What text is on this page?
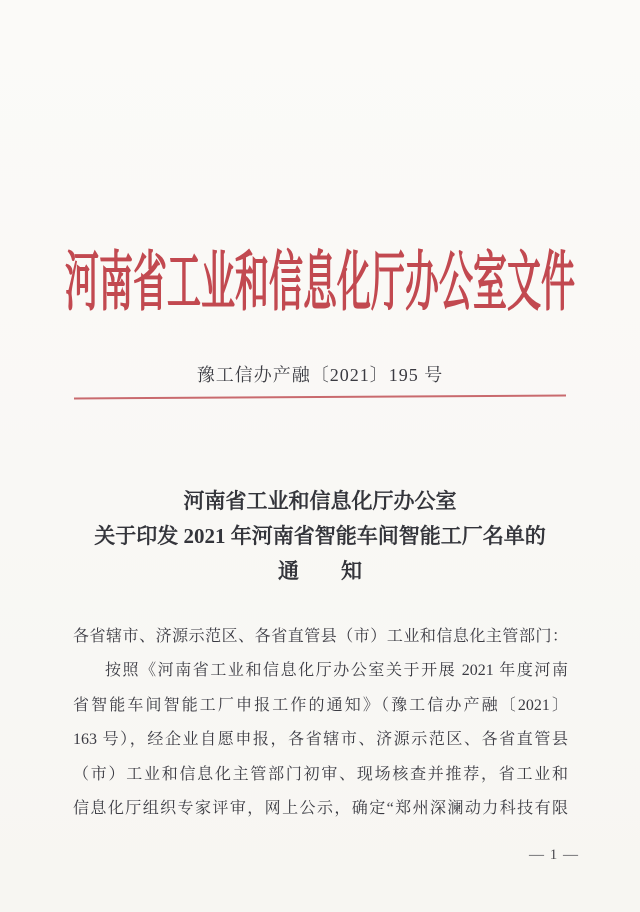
河南省工业和信息化厅办公室文件
豫工信办产融〔2021〕195 号
河南省工业和信息化厅办公室
关于印发 2021 年河南省智能车间智能工厂名单的
通　　知
各省辖市、济源示范区、各省直管县（市）工业和信息化主管部门：
按照《河南省工业和信息化厅办公室关于开展 2021 年度河南
省智能车间智能工厂申报工作的通知》（豫工信办产融〔2021〕
163 号），经企业自愿申报，各省辖市、济源示范区、各省直管县
（市）工业和信息化主管部门初审、现场核查并推荐，省工业和
信息化厅组织专家评审，网上公示，确定“郑州深澜动力科技有限
— 1 —
